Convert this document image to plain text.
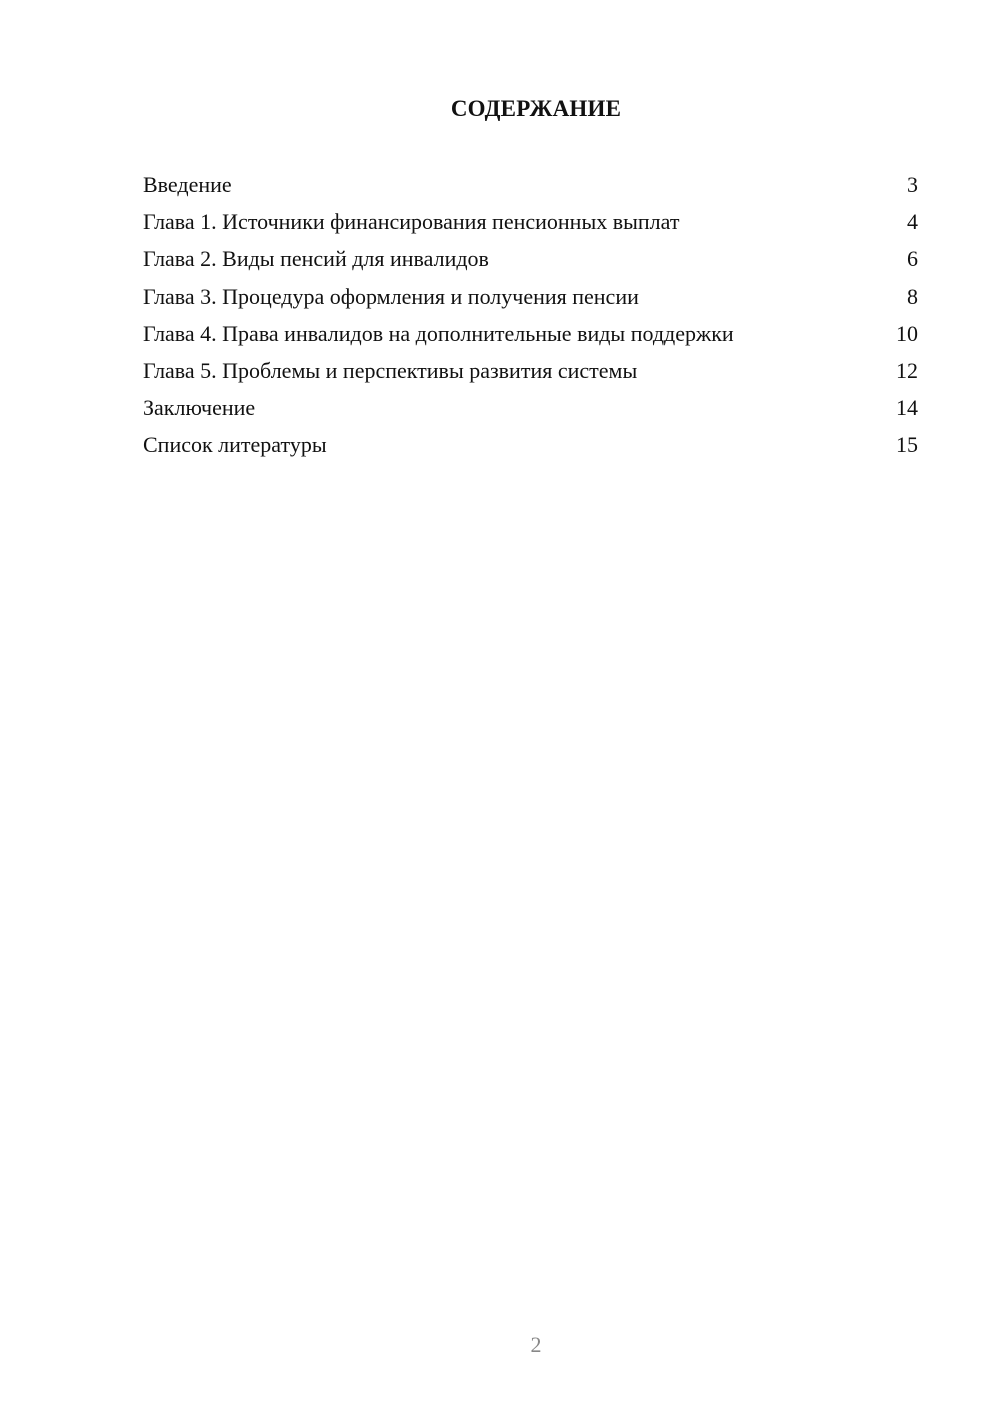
СОДЕРЖАНИЕ
Введение	3
Глава 1. Источники финансирования пенсионных выплат	4
Глава 2. Виды пенсий для инвалидов	6
Глава 3. Процедура оформления и получения пенсии	8
Глава 4. Права инвалидов на дополнительные виды поддержки	10
Глава 5. Проблемы и перспективы развития системы	12
Заключение	14
Список литературы	15
2
